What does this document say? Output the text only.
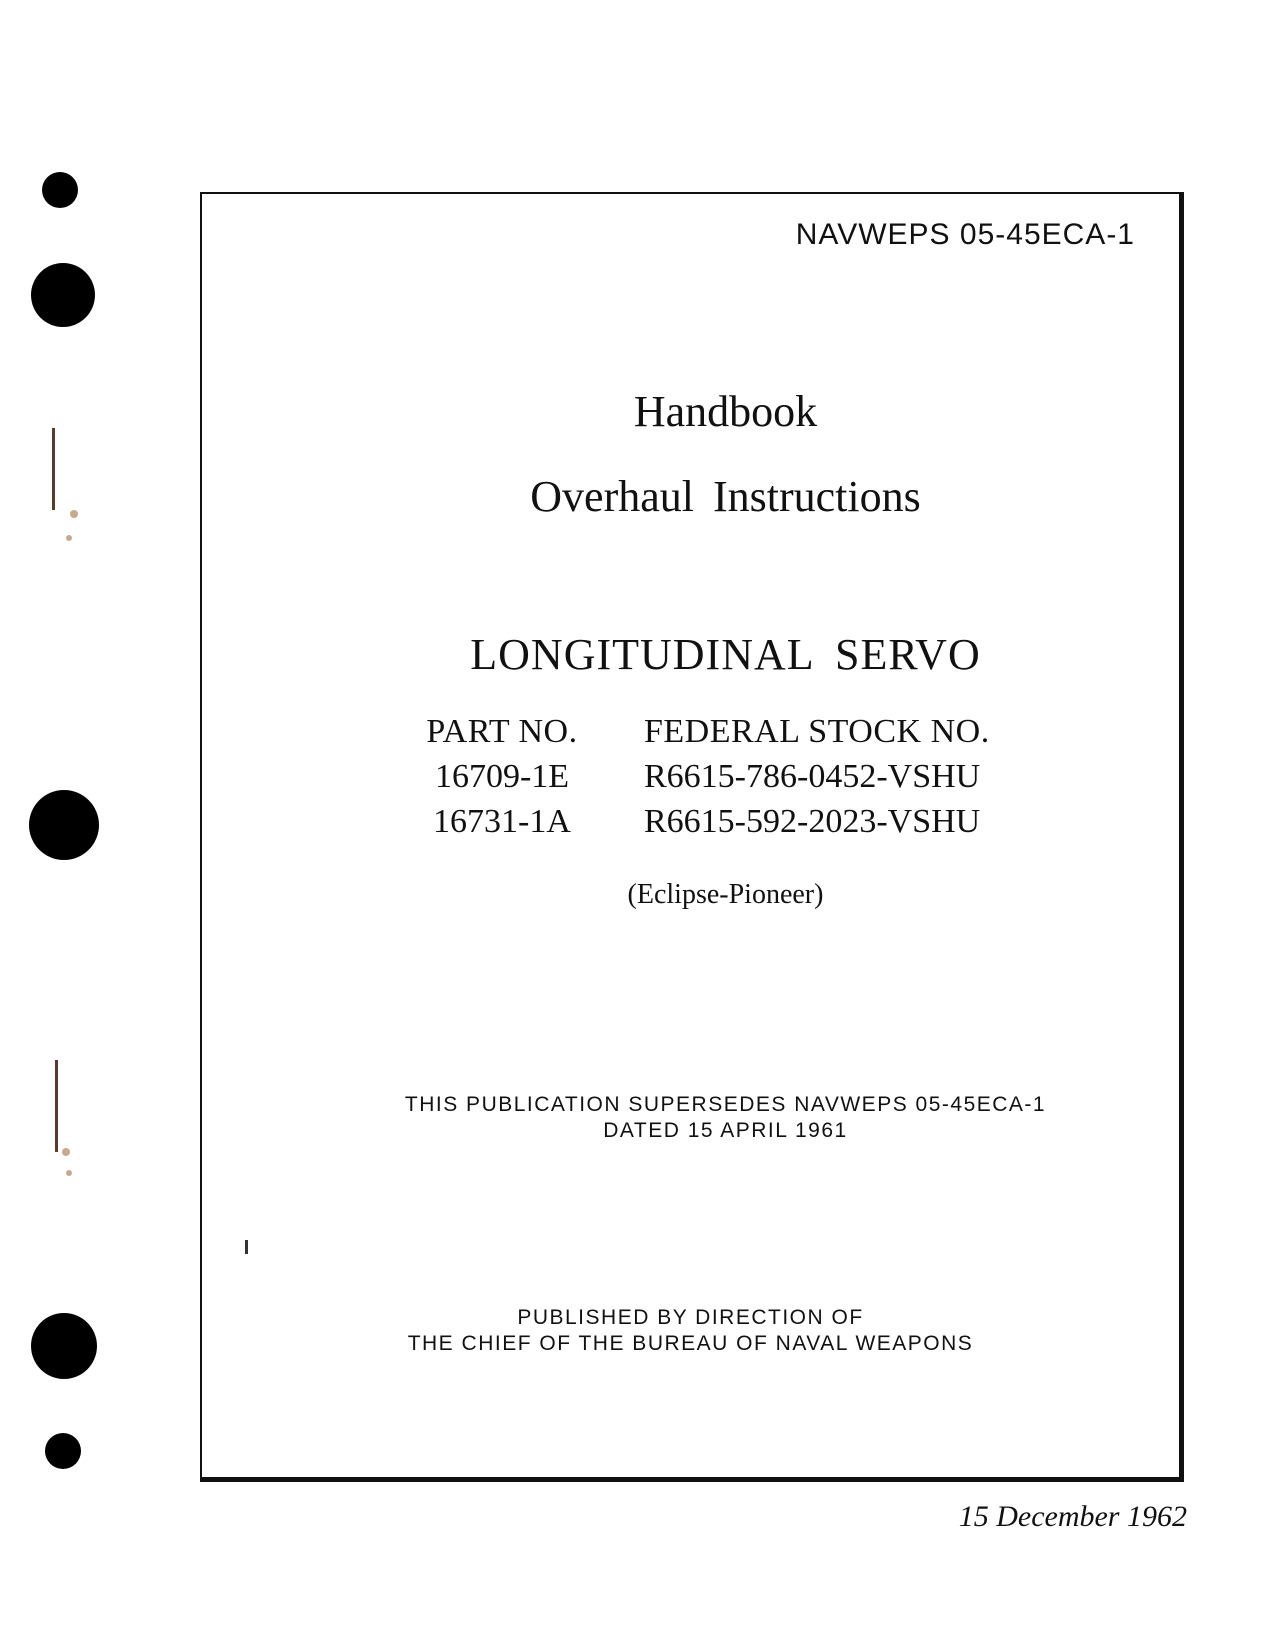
NAVWEPS 05-45ECA-1
Handbook
Overhaul Instructions
LONGITUDINAL SERVO
PART NO.	FEDERAL STOCK NO.
16709-1E	R6615-786-0452-VSHU
16731-1A	R6615-592-2023-VSHU
(Eclipse-Pioneer)
THIS PUBLICATION SUPERSEDES NAVWEPS 05-45ECA-1
DATED 15 APRIL 1961
PUBLISHED BY DIRECTION OF
THE CHIEF OF THE BUREAU OF NAVAL WEAPONS
15 December 1962
